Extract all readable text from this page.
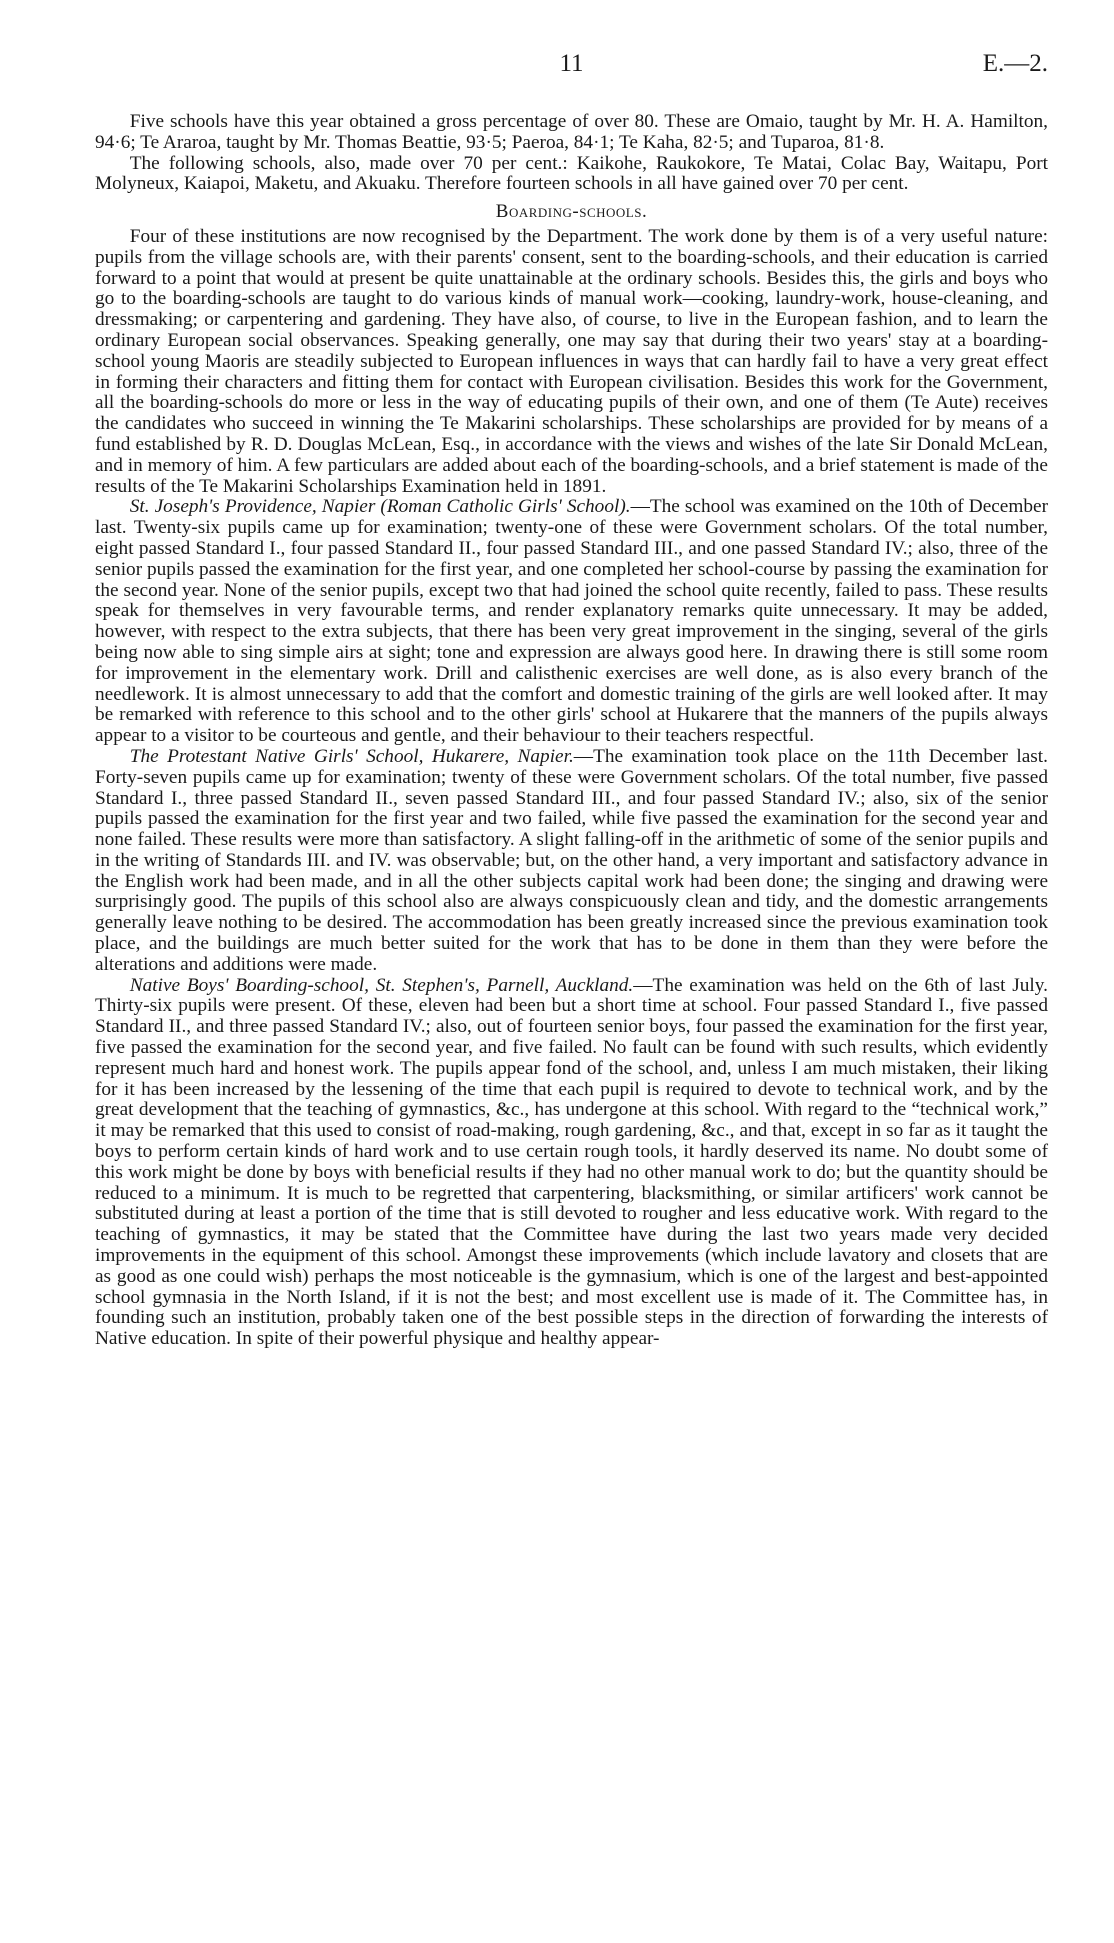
11	E.—2.

Five schools have this year obtained a gross percentage of over 80. These are Omaio, taught by Mr. H. A. Hamilton, 94·6; Te Araroa, taught by Mr. Thomas Beattie, 93·5; Paeroa, 84·1; Te Kaha, 82·5; and Tuparoa, 81·8.

The following schools, also, made over 70 per cent.: Kaikohe, Raukokore, Te Matai, Colac Bay, Waitapu, Port Molyneux, Kaiapoi, Maketu, and Akuaku. Therefore fourteen schools in all have gained over 70 per cent.

Boarding-schools.

Four of these institutions are now recognised by the Department. The work done by them is of a very useful nature: pupils from the village schools are, with their parents' consent, sent to the boarding-schools, and their education is carried forward to a point that would at present be quite unattainable at the ordinary schools. Besides this, the girls and boys who go to the boarding-schools are taught to do various kinds of manual work—cooking, laundry-work, house-cleaning, and dressmaking; or carpentering and gardening. They have also, of course, to live in the European fashion, and to learn the ordinary European social observances. Speaking generally, one may say that during their two years' stay at a boarding-school young Maoris are steadily subjected to European influences in ways that can hardly fail to have a very great effect in forming their characters and fitting them for contact with European civilisation. Besides this work for the Government, all the boarding-schools do more or less in the way of educating pupils of their own, and one of them (Te Aute) receives the candidates who succeed in winning the Te Makarini scholarships. These scholarships are provided for by means of a fund established by R. D. Douglas McLean, Esq., in accordance with the views and wishes of the late Sir Donald McLean, and in memory of him. A few particulars are added about each of the boarding-schools, and a brief statement is made of the results of the Te Makarini Scholarships Examination held in 1891.

St. Joseph's Providence, Napier (Roman Catholic Girls' School).—The school was examined on the 10th of December last. Twenty-six pupils came up for examination; twenty-one of these were Government scholars. Of the total number, eight passed Standard I., four passed Standard II., four passed Standard III., and one passed Standard IV.; also, three of the senior pupils passed the examination for the first year, and one completed her school-course by passing the examination for the second year. None of the senior pupils, except two that had joined the school quite recently, failed to pass. These results speak for themselves in very favourable terms, and render explanatory remarks quite unnecessary. It may be added, however, with respect to the extra subjects, that there has been very great improvement in the singing, several of the girls being now able to sing simple airs at sight; tone and expression are always good here. In drawing there is still some room for improvement in the elementary work. Drill and calisthenic exercises are well done, as is also every branch of the needlework. It is almost unnecessary to add that the comfort and domestic training of the girls are well looked after. It may be remarked with reference to this school and to the other girls' school at Hukarere that the manners of the pupils always appear to a visitor to be courteous and gentle, and their behaviour to their teachers respectful.

The Protestant Native Girls' School, Hukarere, Napier.—The examination took place on the 11th December last. Forty-seven pupils came up for examination; twenty of these were Government scholars. Of the total number, five passed Standard I., three passed Standard II., seven passed Standard III., and four passed Standard IV.; also, six of the senior pupils passed the examination for the first year and two failed, while five passed the examination for the second year and none failed. These results were more than satisfactory. A slight falling-off in the arithmetic of some of the senior pupils and in the writing of Standards III. and IV. was observable; but, on the other hand, a very important and satisfactory advance in the English work had been made, and in all the other subjects capital work had been done; the singing and drawing were surprisingly good. The pupils of this school also are always conspicuously clean and tidy, and the domestic arrangements generally leave nothing to be desired. The accommodation has been greatly increased since the previous examination took place, and the buildings are much better suited for the work that has to be done in them than they were before the alterations and additions were made.

Native Boys' Boarding-school, St. Stephen's, Parnell, Auckland.—The examination was held on the 6th of last July. Thirty-six pupils were present. Of these, eleven had been but a short time at school. Four passed Standard I., five passed Standard II., and three passed Standard IV.; also, out of fourteen senior boys, four passed the examination for the first year, five passed the examination for the second year, and five failed. No fault can be found with such results, which evidently represent much hard and honest work. The pupils appear fond of the school, and, unless I am much mistaken, their liking for it has been increased by the lessening of the time that each pupil is required to devote to technical work, and by the great development that the teaching of gymnastics, &c., has undergone at this school. With regard to the “technical work,” it may be remarked that this used to consist of road-making, rough gardening, &c., and that, except in so far as it taught the boys to perform certain kinds of hard work and to use certain rough tools, it hardly deserved its name. No doubt some of this work might be done by boys with beneficial results if they had no other manual work to do; but the quantity should be reduced to a minimum. It is much to be regretted that carpentering, blacksmithing, or similar artificers' work cannot be substituted during at least a portion of the time that is still devoted to rougher and less educative work. With regard to the teaching of gymnastics, it may be stated that the Committee have during the last two years made very decided improvements in the equipment of this school. Amongst these improvements (which include lavatory and closets that are as good as one could wish) perhaps the most noticeable is the gymnasium, which is one of the largest and best-appointed school gymnasia in the North Island, if it is not the best; and most excellent use is made of it. The Committee has, in founding such an institution, probably taken one of the best possible steps in the direction of forwarding the interests of Native education. In spite of their powerful physique and healthy appear-
